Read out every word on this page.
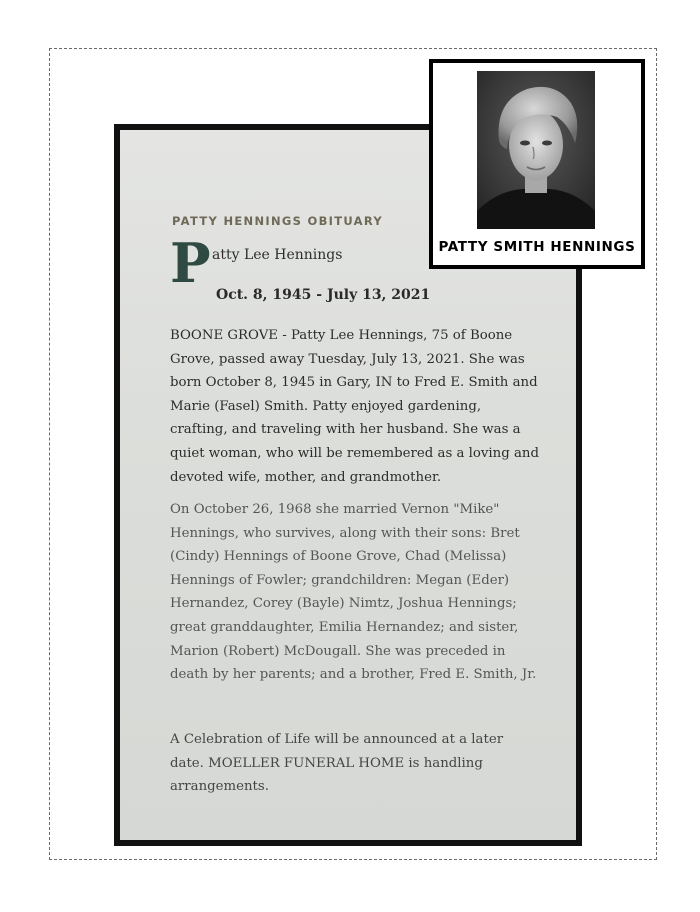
PATTY HENNINGS OBITUARY
P atty Lee Hennings
Oct. 8, 1945 - July 13, 2021

BOONE GROVE - Patty Lee Hennings, 75 of Boone Grove, passed away Tuesday, July 13, 2021. She was born October 8, 1945 in Gary, IN to Fred E. Smith and Marie (Fasel) Smith. Patty enjoyed gardening, crafting, and traveling with her husband. She was a quiet woman, who will be remembered as a loving and devoted wife, mother, and grandmother.

On October 26, 1968 she married Vernon "Mike" Hennings, who survives, along with their sons: Bret (Cindy) Hennings of Boone Grove, Chad (Melissa) Hennings of Fowler; grandchildren: Megan (Eder) Hernandez, Corey (Bayle) Nimtz, Joshua Hennings; great granddaughter, Emilia Hernandez; and sister, Marion (Robert) McDougall. She was preceded in death by her parents; and a brother, Fred E. Smith, Jr.

A Celebration of Life will be announced at a later date. MOELLER FUNERAL HOME is handling arrangements.

PATTY SMITH HENNINGS
